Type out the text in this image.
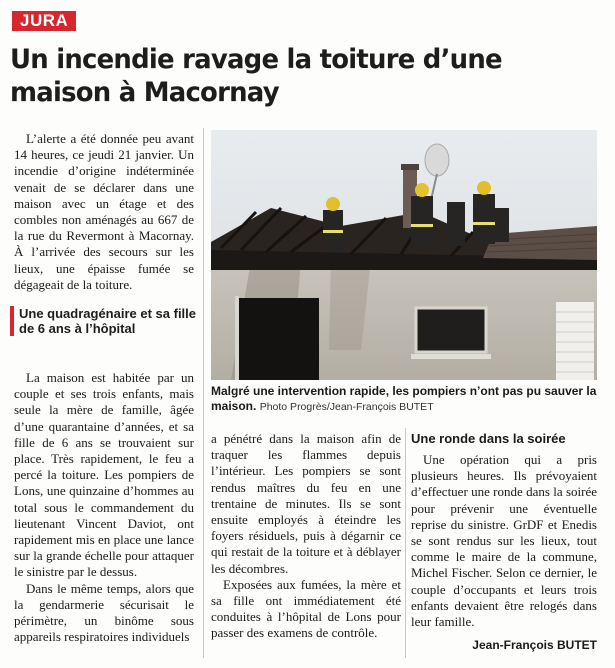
JURA
Un incendie ravage la toiture d’une maison à Macornay

L’alerte a été donnée peu avant 14 heures, ce jeudi 21 janvier. Un incendie d’origine indéterminée venait de se déclarer dans une maison avec un étage et des combles non aménagés au 667 de la rue du Revermont à Macornay. À l’arrivée des secours sur les lieux, une épaisse fumée se dégageait de la toiture.

Une quadragénaire et sa fille de 6 ans à l’hôpital

La maison est habitée par un couple et ses trois enfants, mais seule la mère de famille, âgée d’une quarantaine d’années, et sa fille de 6 ans se trouvaient sur place. Très rapidement, le feu a percé la toiture. Les pompiers de Lons, une quinzaine d’hommes au total sous le commandement du lieutenant Vincent Daviot, ont rapidement mis en place une lance sur la grande échelle pour attaquer le sinistre par le dessus.

Dans le même temps, alors que la gendarmerie sécurisait le périmètre, un binôme sous appareils respiratoires individuels

Malgré une intervention rapide, les pompiers n’ont pas pu sauver la maison. Photo Progrès/Jean-François BUTET

a pénétré dans la maison afin de traquer les flammes depuis l’intérieur. Les pompiers se sont rendus maîtres du feu en une trentaine de minutes. Ils se sont ensuite employés à éteindre les foyers résiduels, puis à dégarnir ce qui restait de la toiture et à déblayer les décombres.

Exposées aux fumées, la mère et sa fille ont immédiatement été conduites à l’hôpital de Lons pour passer des examens de contrôle.

Une ronde dans la soirée

Une opération qui a pris plusieurs heures. Ils prévoyaient d’effectuer une ronde dans la soirée pour prévenir une éventuelle reprise du sinistre. GrDF et Enedis se sont rendus sur les lieux, tout comme le maire de la commune, Michel Fischer. Selon ce dernier, le couple d’occupants et leurs trois enfants devaient être relogés dans leur famille.

Jean-François BUTET
